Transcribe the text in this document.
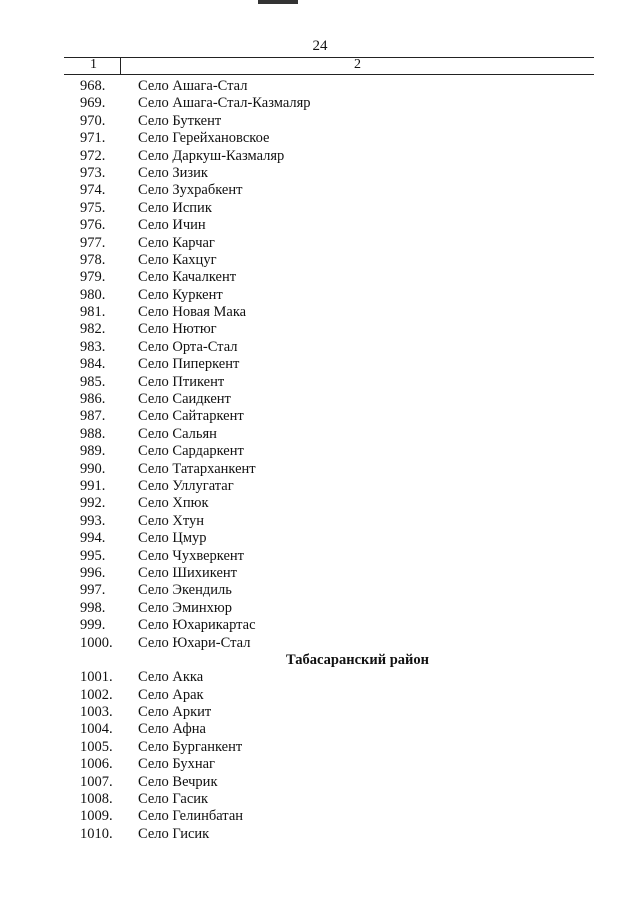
24
1	2
968. Село Ашага-Стал
969. Село Ашага-Стал-Казмаляр
970. Село Буткент
971. Село Герейхановское
972. Село Даркуш-Казмаляр
973. Село Зизик
974. Село Зухрабкент
975. Село Испик
976. Село Ичин
977. Село Карчаг
978. Село Кахцуг
979. Село Качалкент
980. Село Куркент
981. Село Новая Мака
982. Село Нютюг
983. Село Орта-Стал
984. Село Пиперкент
985. Село Птикент
986. Село Саидкент
987. Село Сайтаркент
988. Село Сальян
989. Село Сардаркент
990. Село Татарханкент
991. Село Уллугатаг
992. Село Хпюк
993. Село Хтун
994. Село Цмур
995. Село Чухверкент
996. Село Шихикент
997. Село Экендиль
998. Село Эминхюр
999. Село Юхарикартас
1000. Село Юхари-Стал
Табасаранский район
1001. Село Акка
1002. Село Арак
1003. Село Аркит
1004. Село Афна
1005. Село Бурганкент
1006. Село Бухнаг
1007. Село Вечрик
1008. Село Гасик
1009. Село Гелинбатан
1010. Село Гисик
